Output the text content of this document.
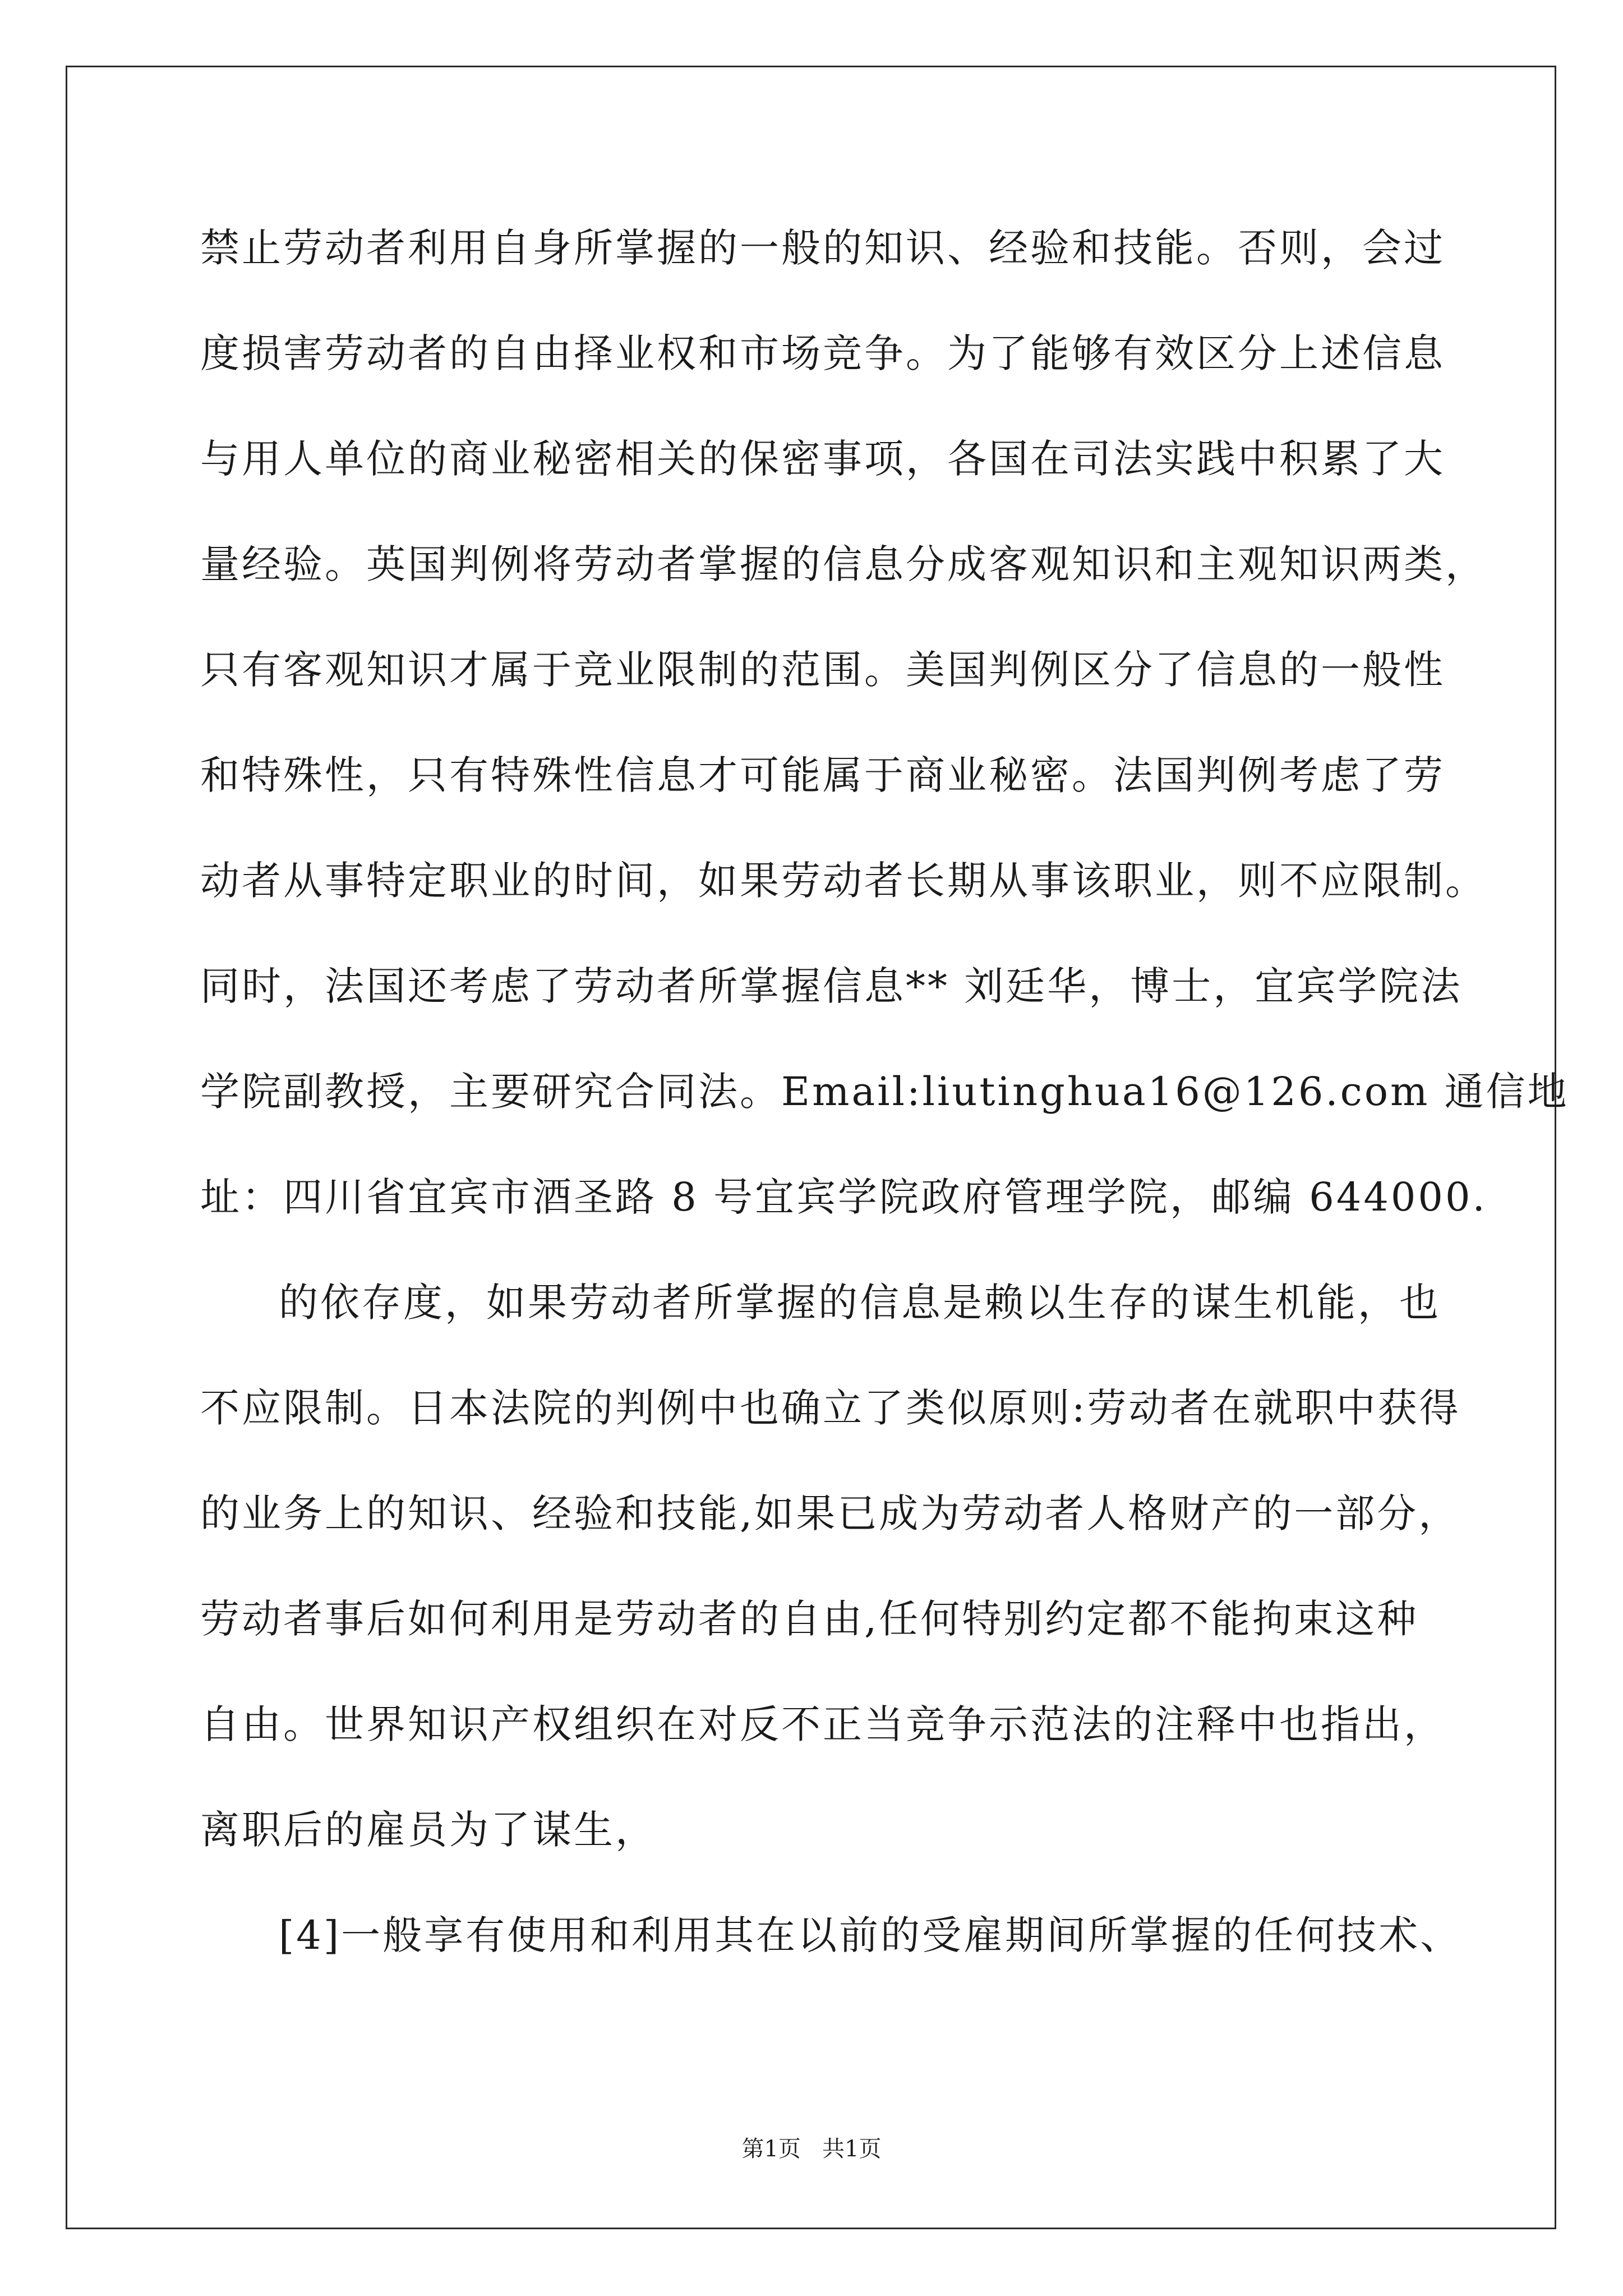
禁止劳动者利用自身所掌握的一般的知识、经验和技能。否则，会过
度损害劳动者的自由择业权和市场竞争。为了能够有效区分上述信息
与用人单位的商业秘密相关的保密事项，各国在司法实践中积累了大
量经验。英国判例将劳动者掌握的信息分成客观知识和主观知识两类，
只有客观知识才属于竞业限制的范围。美国判例区分了信息的一般性
和特殊性，只有特殊性信息才可能属于商业秘密。法国判例考虑了劳
动者从事特定职业的时间，如果劳动者长期从事该职业，则不应限制。
同时，法国还考虑了劳动者所掌握信息** 刘廷华，博士，宜宾学院法
学院副教授，主要研究合同法。Email:liutinghua16@126.com 通信地
址：四川省宜宾市酒圣路 8 号宜宾学院政府管理学院，邮编 644000.
的依存度，如果劳动者所掌握的信息是赖以生存的谋生机能，也
不应限制。日本法院的判例中也确立了类似原则:劳动者在就职中获得
的业务上的知识、经验和技能,如果已成为劳动者人格财产的一部分，
劳动者事后如何利用是劳动者的自由,任何特别约定都不能拘束这种
自由。世界知识产权组织在对反不正当竞争示范法的注释中也指出，
离职后的雇员为了谋生，
[4]一般享有使用和利用其在以前的受雇期间所掌握的任何技术、
第1页   共1页
